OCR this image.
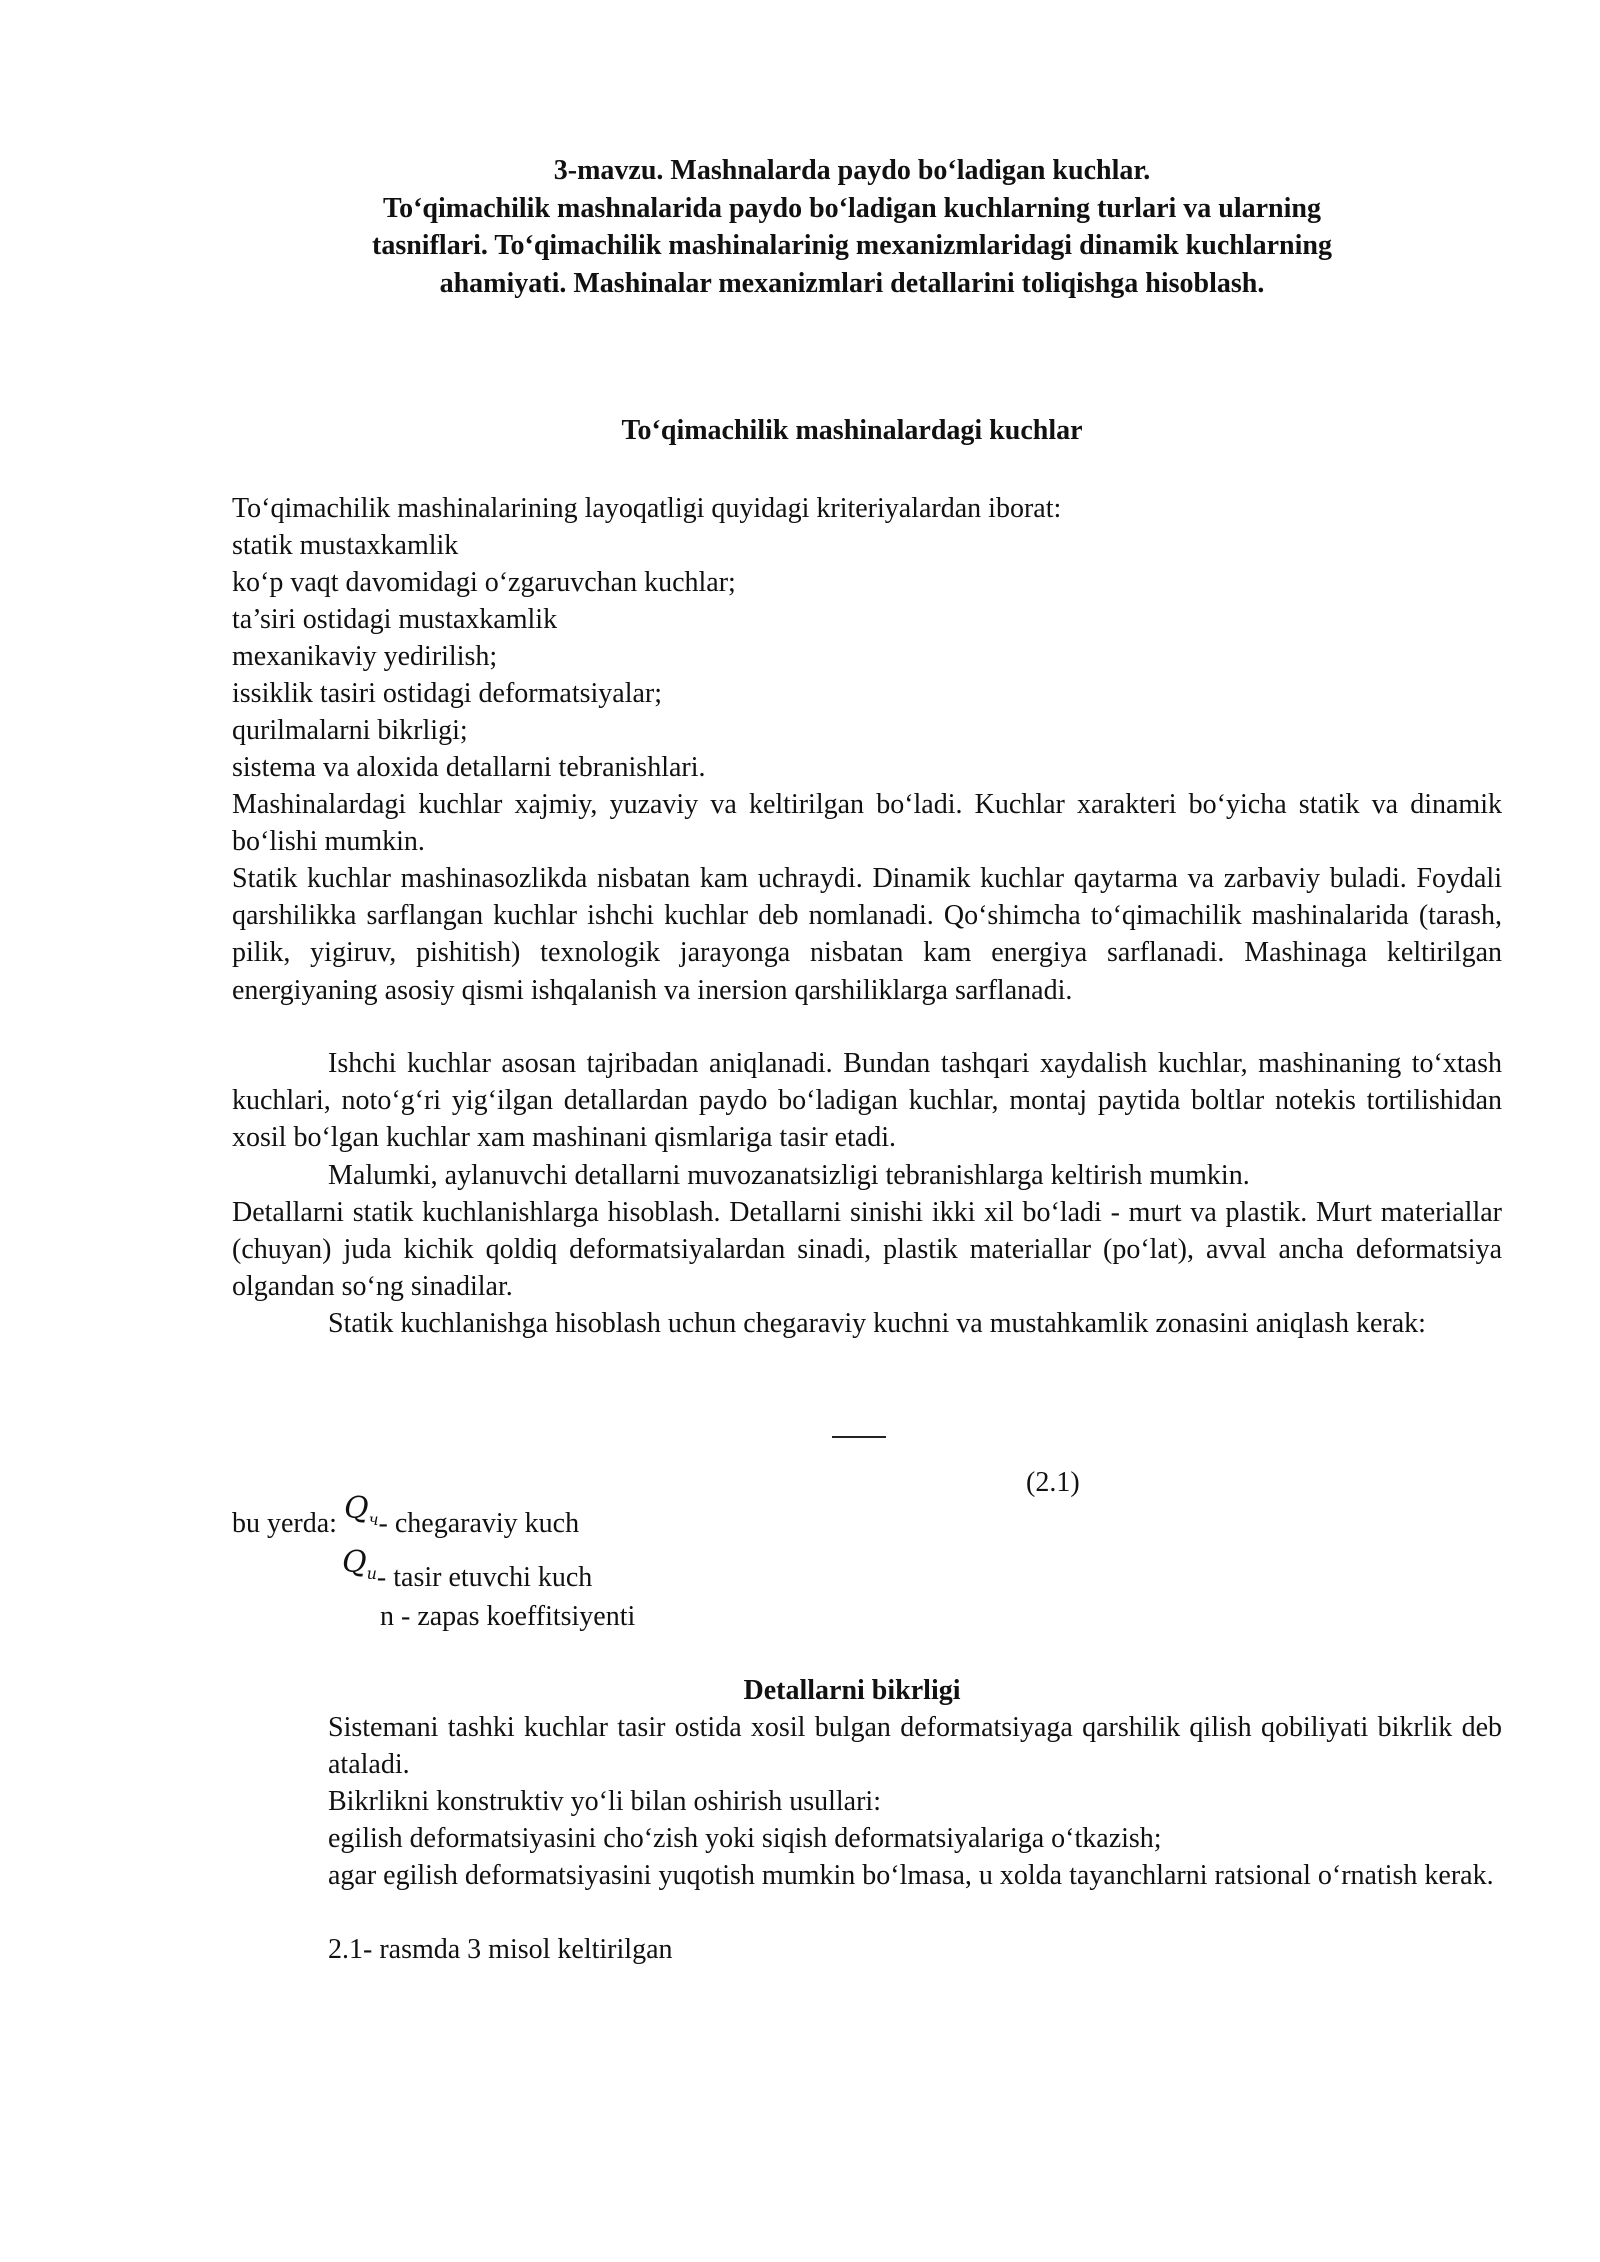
3-mavzu. Mashnalarda paydo bo‘ladigan kuchlar.
To‘qimachilik mashnalarida paydo bo‘ladigan kuchlarning turlari va ularning
tasniflari. To‘qimachilik mashinalarinig mexanizmlaridagi dinamik kuchlarning
ahamiyati. Mashinalar mexanizmlari detallarini toliqishga hisoblash.
To‘qimachilik mashinalardagi kuchlar
To‘qimachilik mashinalarining layoqatligi quyidagi kriteriyalardan iborat:
statik mustaxkamlik
ko‘p vaqt davomidagi o‘zgaruvchan kuchlar;
ta’siri ostidagi mustaxkamlik
mexanikaviy yedirilish;
issiklik tasiri ostidagi deformatsiyalar;
qurilmalarni bikrligi;
sistema va aloxida detallarni tebranishlari.

Mashinalardagi kuchlar xajmiy, yuzaviy va keltirilgan bo‘ladi. Kuchlar xarakteri bo‘yicha statik va dinamik bo‘lishi mumkin.

Statik kuchlar mashinasozlikda nisbatan kam uchraydi. Dinamik kuchlar qaytarma va zarbaviy buladi. Foydali qarshilikka sarflangan kuchlar ishchi kuchlar deb nomlanadi. Qo‘shimcha to‘qimachilik mashinalarida (tarash, pilik, yigiruv, pishitish) texnologik jarayonga nisbatan kam energiya sarflanadi. Mashinaga keltirilgan energiyaning asosiy qismi ishqalanish va inersion qarshiliklarga sarflanadi.

Ishchi kuchlar asosan tajribadan aniqlanadi. Bundan tashqari xaydalish kuchlar, mashinaning to‘xtash kuchlari, noto‘g‘ri yig‘ilgan detallardan paydo bo‘ladigan kuchlar, montaj paytida boltlar notekis tortilishidan xosil bo‘lgan kuchlar xam mashinani qismlariga tasir etadi.

Malumki, aylanuvchi detallarni muvozanatsizligi tebranishlarga keltirish mumkin.

Detallarni statik kuchlanishlarga hisoblash. Detallarni sinishi ikki xil bo‘ladi - murt va plastik. Murt materiallar (chuyan) juda kichik qoldiq deformatsiyalardan sinadi, plastik materiallar (po‘lat), avval ancha deformatsiya olgandan so‘ng sinadilar.

Statik kuchlanishga hisoblash uchun chegaraviy kuchni va mustahkamlik zonasini aniqlash kerak:

(2.1)
bu yerda: $Q_ч-$ chegaraviy kuch
$Q_и-$ tasir etuvchi kuch
n - zapas koeffitsiyenti
Detallarni bikrligi

Sistemani tashki kuchlar tasir ostida xosil bulgan deformatsiyaga qarshilik qilish qobiliyati bikrlik deb ataladi.

Bikrlikni konstruktiv yo‘li bilan oshirish usullari:

egilish deformatsiyasini cho‘zish yoki siqish deformatsiyalariga o‘tkazish;

agar egilish deformatsiyasini yuqotish mumkin bo‘lmasa, u xolda tayanchlarni ratsional o‘rnatish kerak.

2.1- rasmda 3 misol keltirilgan
